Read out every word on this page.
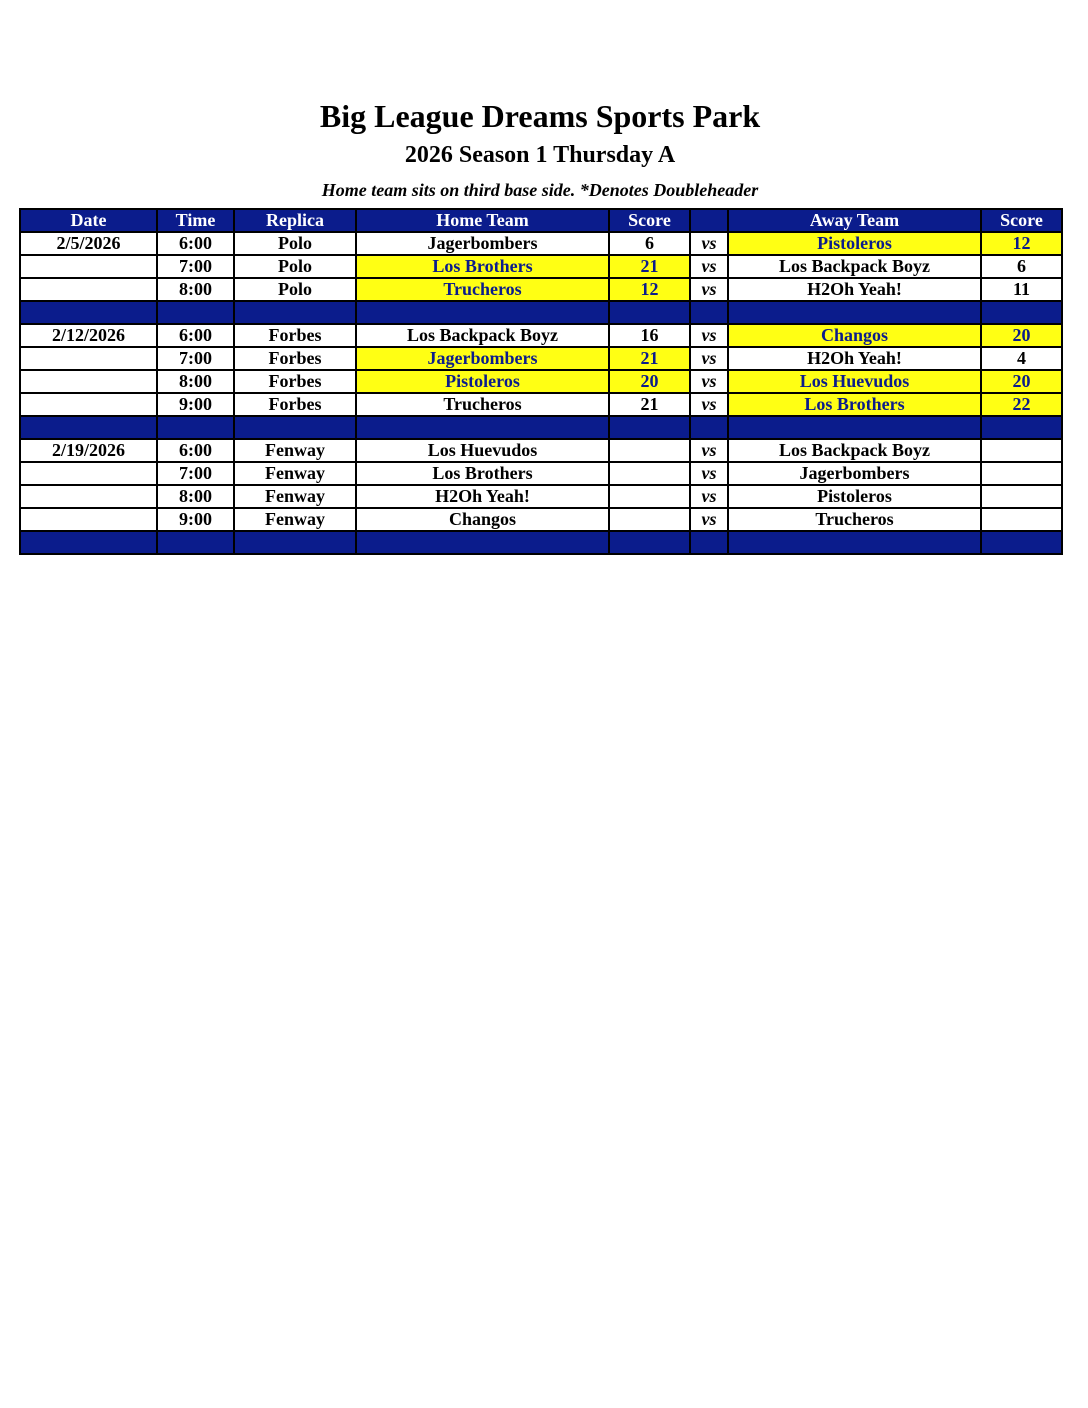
Big League Dreams Sports Park
2026 Season 1 Thursday A
Home team sits on third base side. *Denotes Doubleheader
Date	Time	Replica	Home Team	Score		Away Team	Score
2/5/2026	6:00	Polo	Jagerbombers	6	vs	Pistoleros	12
	7:00	Polo	Los Brothers	21	vs	Los Backpack Boyz	6
	8:00	Polo	Trucheros	12	vs	H2Oh Yeah!	11

2/12/2026	6:00	Forbes	Los Backpack Boyz	16	vs	Changos	20
	7:00	Forbes	Jagerbombers	21	vs	H2Oh Yeah!	4
	8:00	Forbes	Pistoleros	20	vs	Los Huevudos	20
	9:00	Forbes	Trucheros	21	vs	Los Brothers	22

2/19/2026	6:00	Fenway	Los Huevudos		vs	Los Backpack Boyz	
	7:00	Fenway	Los Brothers		vs	Jagerbombers	
	8:00	Fenway	H2Oh Yeah!		vs	Pistoleros	
	9:00	Fenway	Changos		vs	Trucheros	
